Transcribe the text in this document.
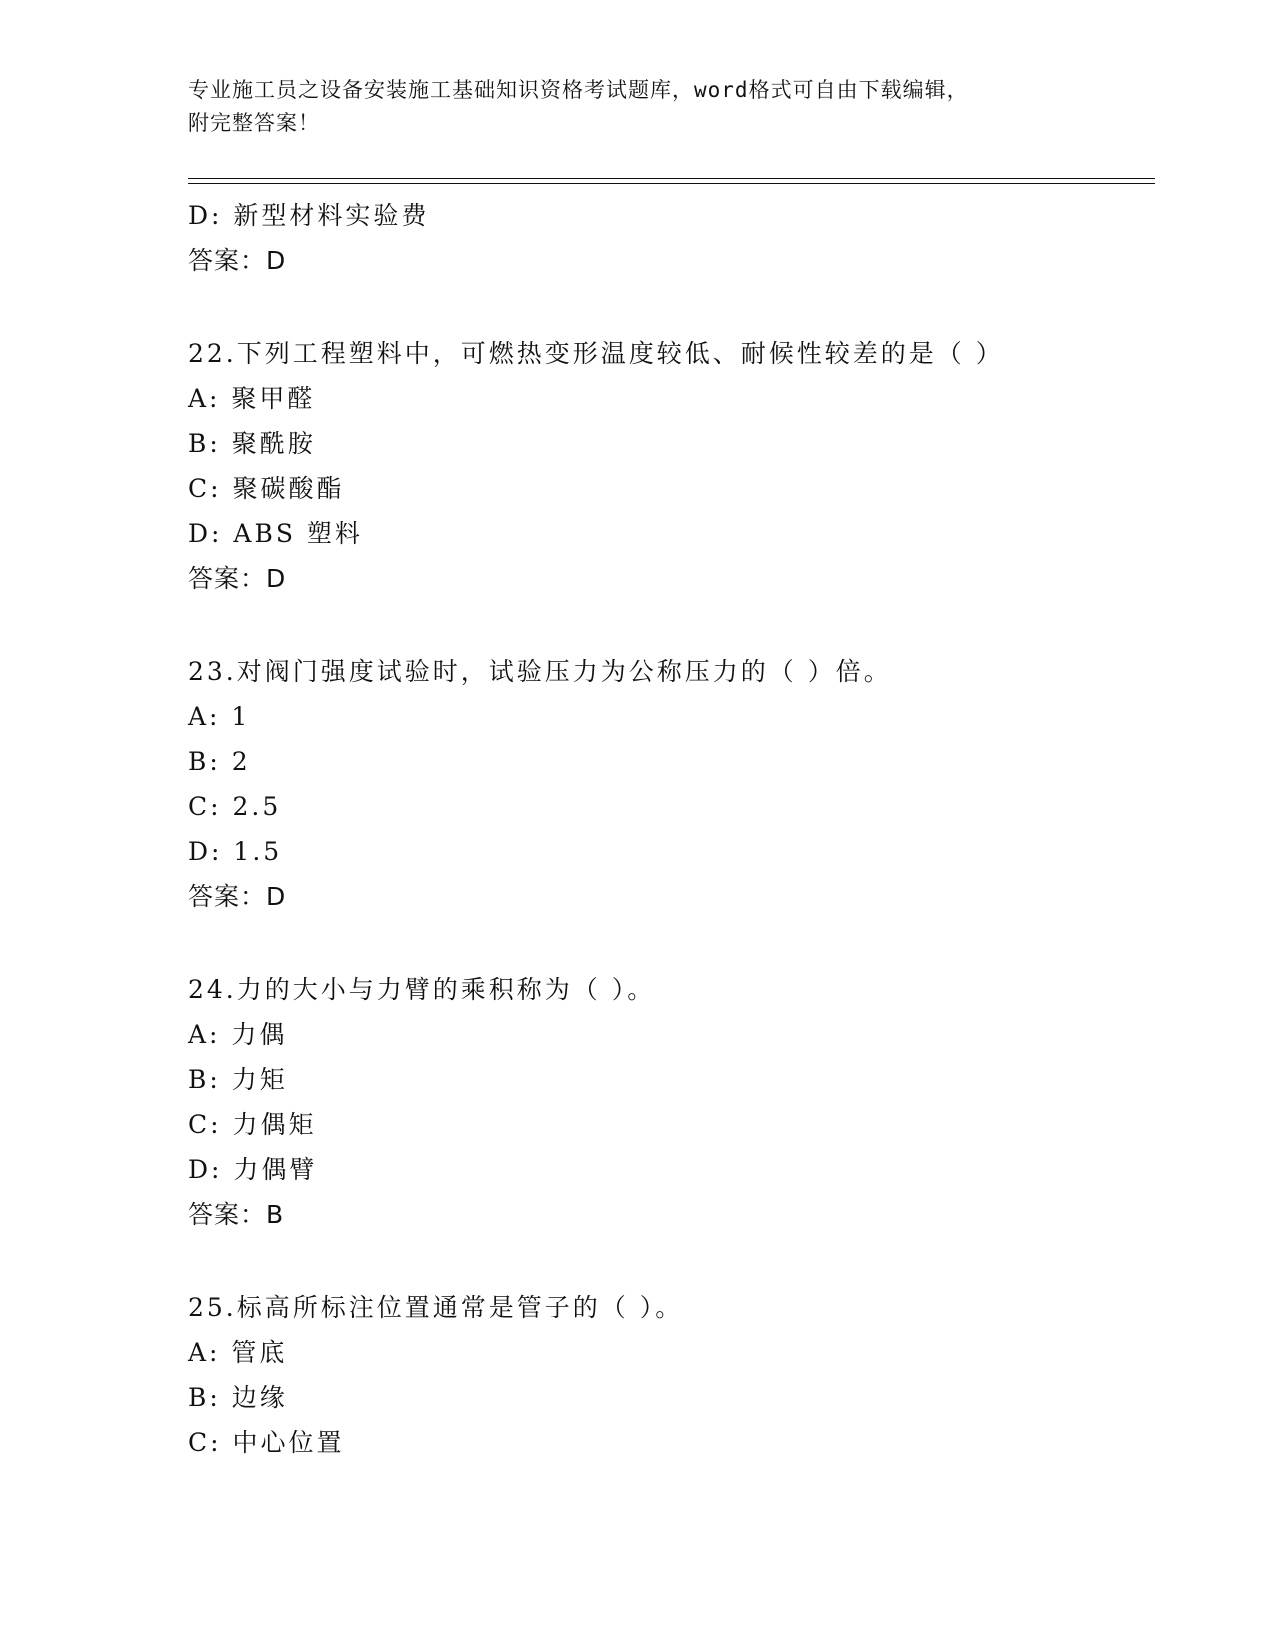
专业施工员之设备安装施工基础知识资格考试题库，word格式可自由下载编辑，
附完整答案！
D: 新型材料实验费
答案：D
22.下列工程塑料中，可燃热变形温度较低、耐候性较差的是（ ）
A: 聚甲醛
B: 聚酰胺
C: 聚碳酸酯
D: ABS 塑料
答案：D
23.对阀门强度试验时，试验压力为公称压力的（ ）倍。
A: 1
B: 2
C: 2.5
D: 1.5
答案：D
24.力的大小与力臂的乘积称为（ ）。
A: 力偶
B: 力矩
C: 力偶矩
D: 力偶臂
答案：B
25.标高所标注位置通常是管子的（ ）。
A: 管底
B: 边缘
C: 中心位置
